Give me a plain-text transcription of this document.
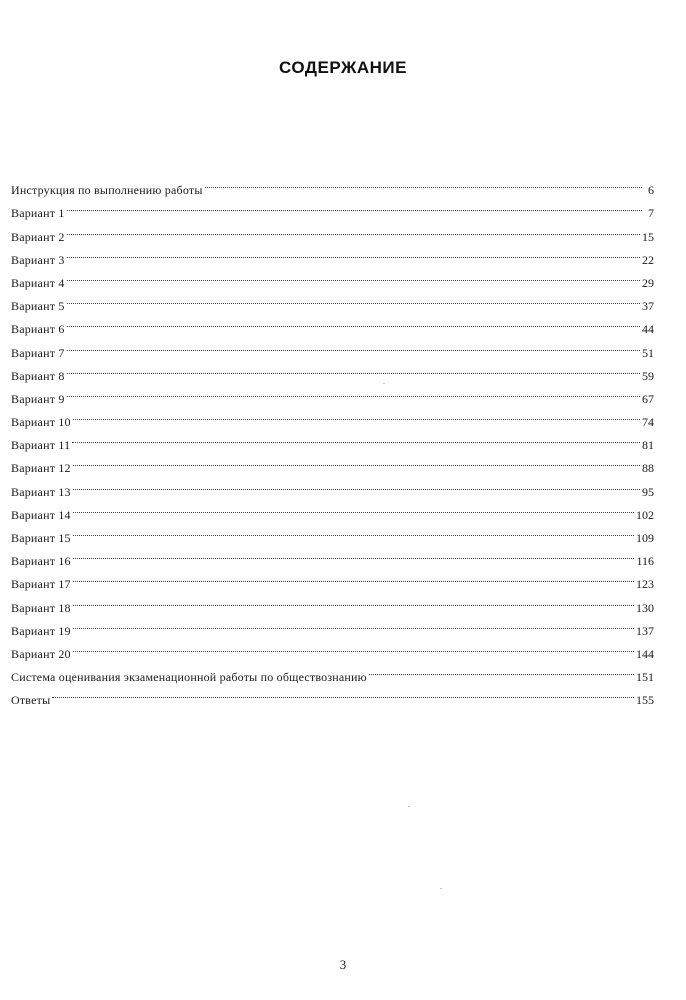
СОДЕРЖАНИЕ
Инструкция по выполнению работы	6
Вариант 1	7
Вариант 2	15
Вариант 3	22
Вариант 4	29
Вариант 5	37
Вариант 6	44
Вариант 7	51
Вариант 8	59
Вариант 9	67
Вариант 10	74
Вариант 11	81
Вариант 12	88
Вариант 13	95
Вариант 14	102
Вариант 15	109
Вариант 16	116
Вариант 17	123
Вариант 18	130
Вариант 19	137
Вариант 20	144
Система оценивания экзаменационной работы по обществознанию	151
Ответы	155
3
